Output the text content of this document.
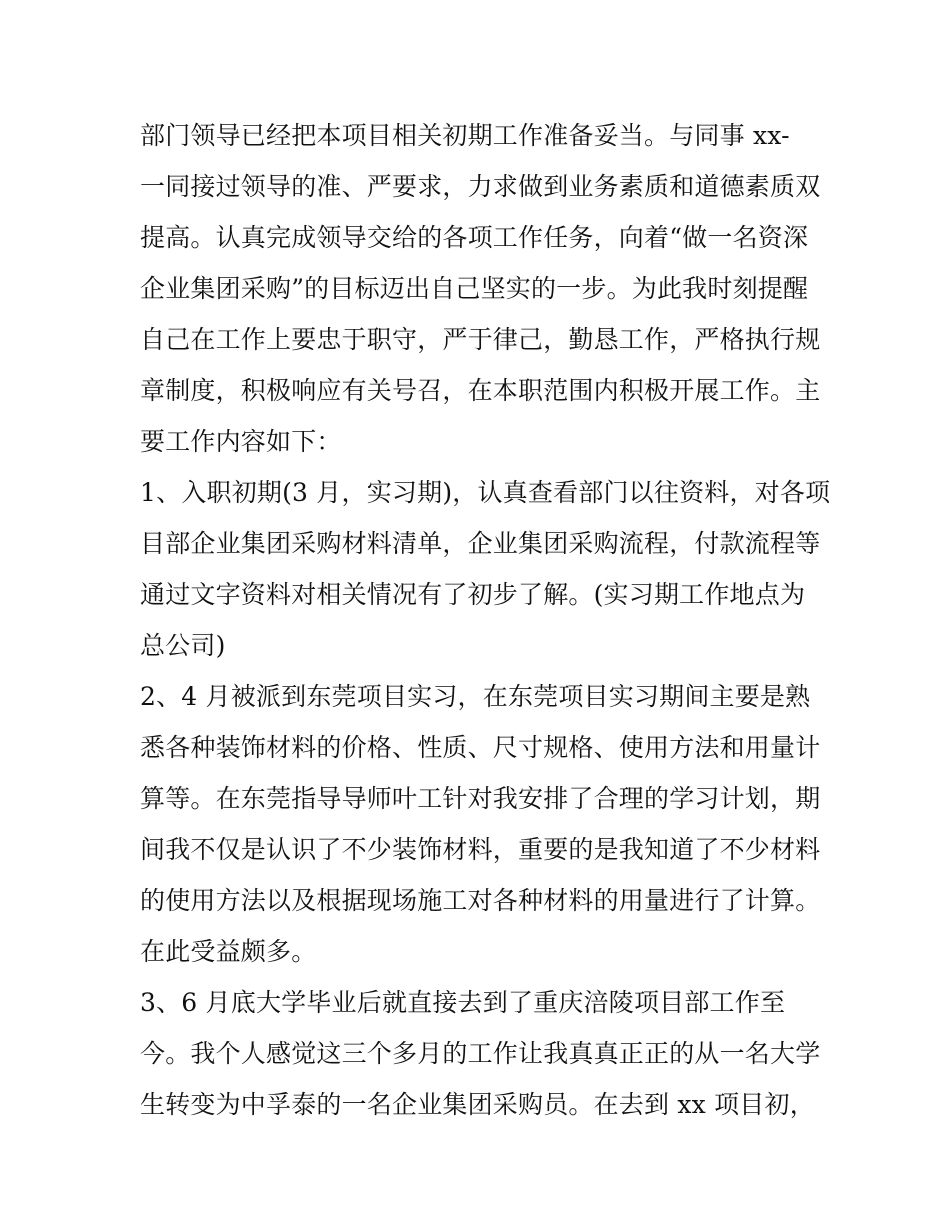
部门领导已经把本项目相关初期工作准备妥当。与同事 xx-
一同接过领导的准、严要求，力求做到业务素质和道德素质双
提高。认真完成领导交给的各项工作任务，向着“做一名资深
企业集团采购”的目标迈出自己坚实的一步。为此我时刻提醒
自己在工作上要忠于职守，严于律己，勤恳工作，严格执行规
章制度，积极响应有关号召，在本职范围内积极开展工作。主
要工作内容如下：
1、入职初期(3 月，实习期)，认真查看部门以往资料，对各项
目部企业集团采购材料清单，企业集团采购流程，付款流程等
通过文字资料对相关情况有了初步了解。(实习期工作地点为
总公司)
2、4 月被派到东莞项目实习，在东莞项目实习期间主要是熟
悉各种装饰材料的价格、性质、尺寸规格、使用方法和用量计
算等。在东莞指导导师叶工针对我安排了合理的学习计划，期
间我不仅是认识了不少装饰材料，重要的是我知道了不少材料
的使用方法以及根据现场施工对各种材料的用量进行了计算。
在此受益颇多。
3、6 月底大学毕业后就直接去到了重庆涪陵项目部工作至
今。我个人感觉这三个多月的工作让我真真正正的从一名大学
生转变为中孚泰的一名企业集团采购员。在去到 xx 项目初，
